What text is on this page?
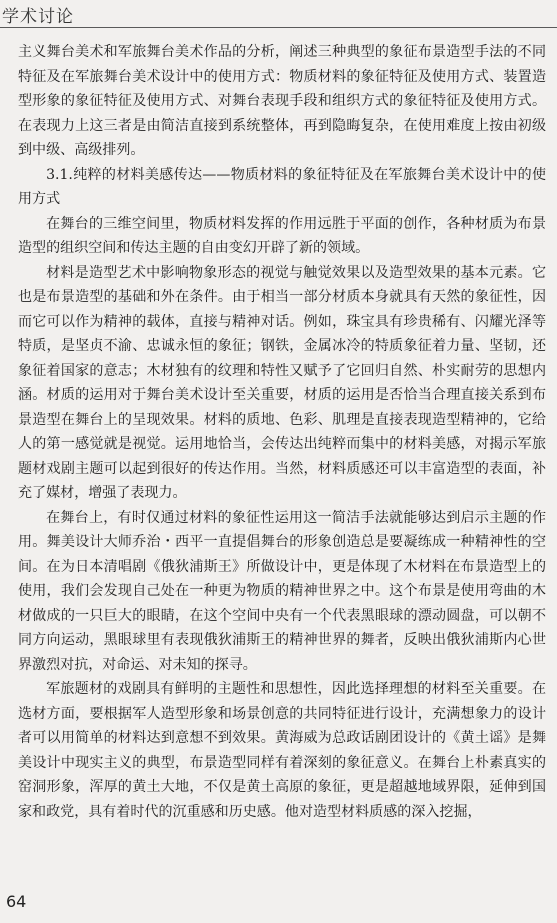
学术讨论

主义舞台美术和军旅舞台美术作品的分析，阐述三种典型的象征布景造型手法的不同特征及在军旅舞台美术设计中的使用方式：物质材料的象征特征及使用方式、装置造型形象的象征特征及使用方式、对舞台表现手段和组织方式的象征特征及使用方式。在表现力上这三者是由简洁直接到系统整体，再到隐晦复杂，在使用难度上按由初级到中级、高级排列。

3.1.纯粹的材料美感传达——物质材料的象征特征及在军旅舞台美术设计中的使用方式

在舞台的三维空间里，物质材料发挥的作用远胜于平面的创作，各种材质为布景造型的组织空间和传达主题的自由变幻开辟了新的领域。

材料是造型艺术中影响物象形态的视觉与触觉效果以及造型效果的基本元素。它也是布景造型的基础和外在条件。由于相当一部分材质本身就具有天然的象征性，因而它可以作为精神的载体，直接与精神对话。例如，珠宝具有珍贵稀有、闪耀光泽等特质，是坚贞不渝、忠诚永恒的象征；钢铁，金属冰冷的特质象征着力量、坚韧，还象征着国家的意志；木材独有的纹理和特性又赋予了它回归自然、朴实耐劳的思想内涵。材质的运用对于舞台美术设计至关重要，材质的运用是否恰当合理直接关系到布景造型在舞台上的呈现效果。材料的质地、色彩、肌理是直接表现造型精神的，它给人的第一感觉就是视觉。运用地恰当，会传达出纯粹而集中的材料美感，对揭示军旅题材戏剧主题可以起到很好的传达作用。当然，材料质感还可以丰富造型的表面，补充了媒材，增强了表现力。

在舞台上，有时仅通过材料的象征性运用这一简洁手法就能够达到启示主题的作用。舞美设计大师乔治・西平一直提倡舞台的形象创造总是要凝练成一种精神性的空间。在为日本清唱剧《俄狄浦斯王》所做设计中，更是体现了木材料在布景造型上的使用，我们会发现自己处在一种更为物质的精神世界之中。这个布景是使用弯曲的木材做成的一只巨大的眼睛，在这个空间中央有一个代表黑眼球的漂动圆盘，可以朝不同方向运动，黑眼球里有表现俄狄浦斯王的精神世界的舞者，反映出俄狄浦斯内心世界激烈对抗，对命运、对未知的探寻。

军旅题材的戏剧具有鲜明的主题性和思想性，因此选择理想的材料至关重要。在选材方面，要根据军人造型形象和场景创意的共同特征进行设计，充满想象力的设计者可以用简单的材料达到意想不到效果。黄海威为总政话剧团设计的《黄土谣》是舞美设计中现实主义的典型，布景造型同样有着深刻的象征意义。在舞台上朴素真实的窑洞形象，浑厚的黄土大地，不仅是黄土高原的象征，更是超越地域界限，延伸到国家和政党，具有着时代的沉重感和历史感。他对造型材料质感的深入挖掘，

64
